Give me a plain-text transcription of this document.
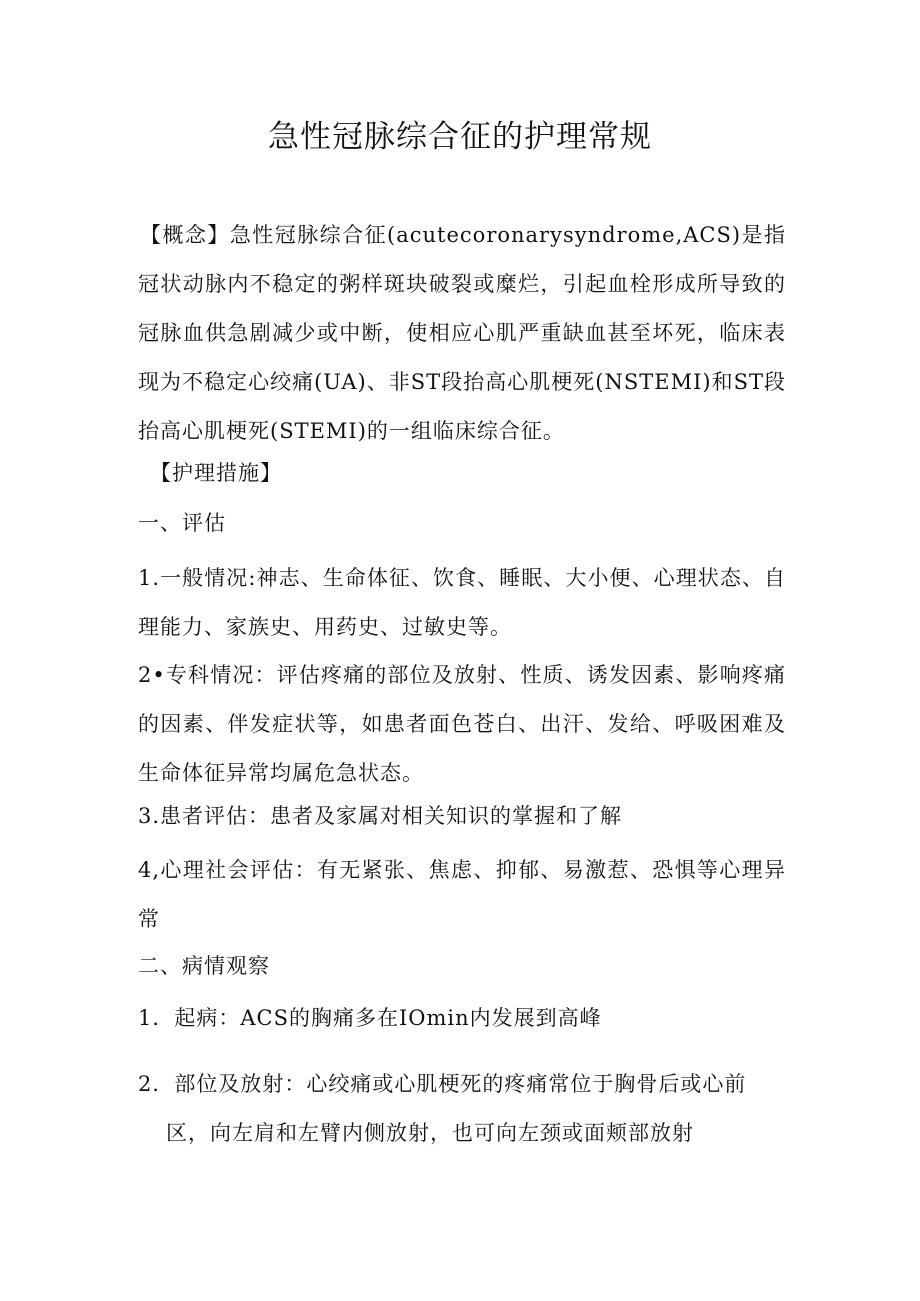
急性冠脉综合征的护理常规
【概念】急性冠脉综合征(acutecoronarysyndrome,ACS)是指冠状动脉内不稳定的粥样斑块破裂或糜烂，引起血栓形成所导致的冠脉血供急剧减少或中断，使相应心肌严重缺血甚至坏死，临床表现为不稳定心绞痛(UA)、非ST段抬高心肌梗死(NSTEMI)和ST段抬高心肌梗死(STEMI)的一组临床综合征。
【护理措施】
一、评估
1.一般情况:神志、生命体征、饮食、睡眠、大小便、心理状态、自理能力、家族史、用药史、过敏史等。
2•专科情况：评估疼痛的部位及放射、性质、诱发因素、影响疼痛的因素、伴发症状等，如患者面色苍白、出汗、发给、呼吸困难及生命体征异常均属危急状态。
3.患者评估：患者及家属对相关知识的掌握和了解
4,心理社会评估：有无紧张、焦虑、抑郁、易激惹、恐惧等心理异常
二、病情观察
1．起病：ACS的胸痛多在IOmin内发展到高峰
2．部位及放射：心绞痛或心肌梗死的疼痛常位于胸骨后或心前
区，向左肩和左臂内侧放射，也可向左颈或面颊部放射
